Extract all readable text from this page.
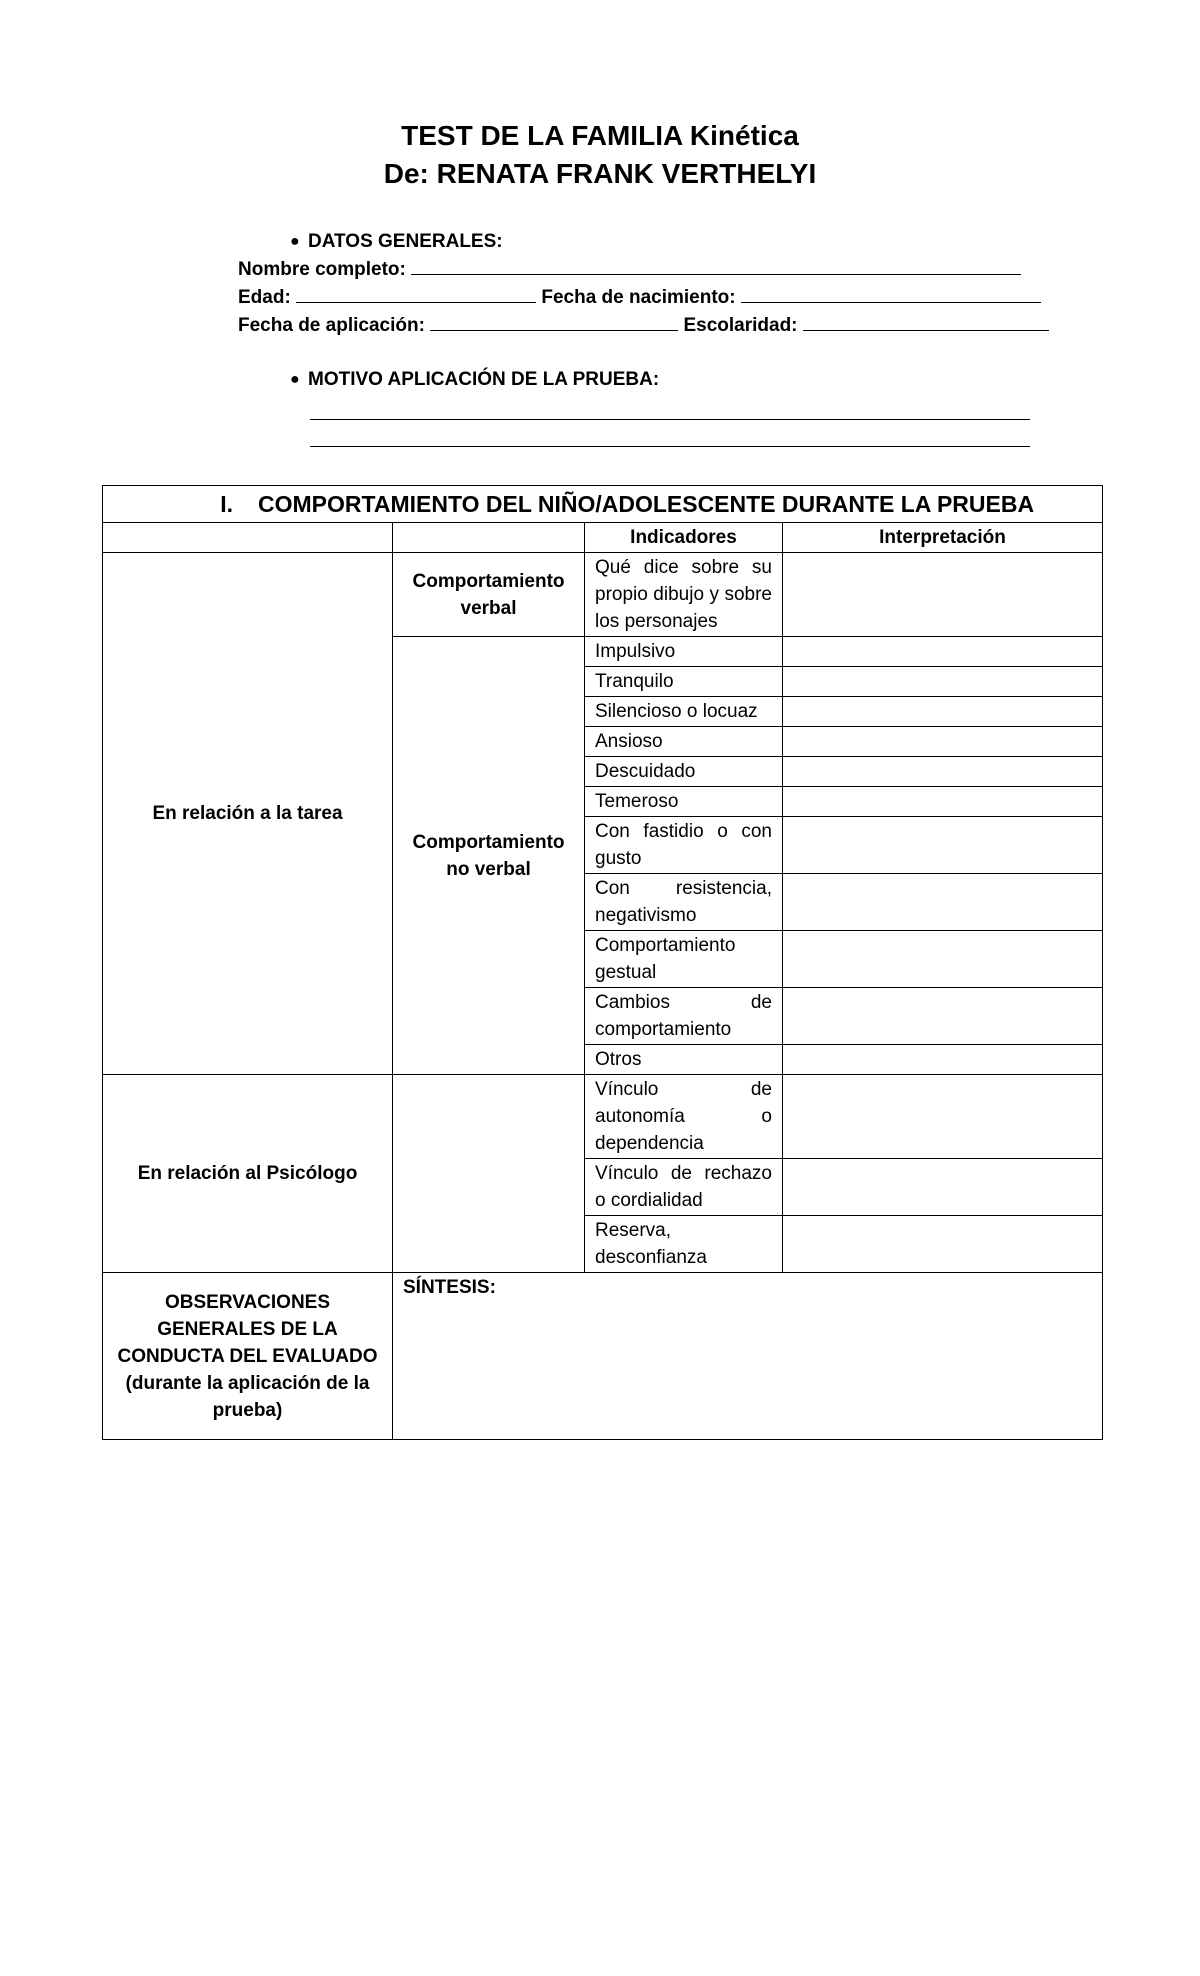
TEST DE LA FAMILIA Kinética
De: RENATA FRANK VERTHELYI
● DATOS GENERALES:
Nombre completo:
Edad:	Fecha de nacimiento:
Fecha de aplicación:	Escolaridad:
● MOTIVO APLICACIÓN DE LA PRUEBA:
I. COMPORTAMIENTO DEL NIÑO/ADOLESCENTE DURANTE LA PRUEBA			
		Indicadores	Interpretación
En relación a la tarea	Comportamiento verbal	Qué dice sobre su propio dibujo y sobre los personajes	
	Comportamiento no verbal	Impulsivo	
		Tranquilo	
		Silencioso o locuaz	
		Ansioso	
		Descuidado	
		Temeroso	
		Con fastidio o con gusto	
		Con resistencia, negativismo	
		Comportamiento gestual	
		Cambios de comportamiento	
		Otros	
En relación al Psicólogo		Vínculo de autonomía o dependencia	
		Vínculo de rechazo o cordialidad	
		Reserva, desconfianza	
OBSERVACIONES GENERALES DE LA CONDUCTA DEL EVALUADO (durante la aplicación de la prueba)	SÍNTESIS:		
